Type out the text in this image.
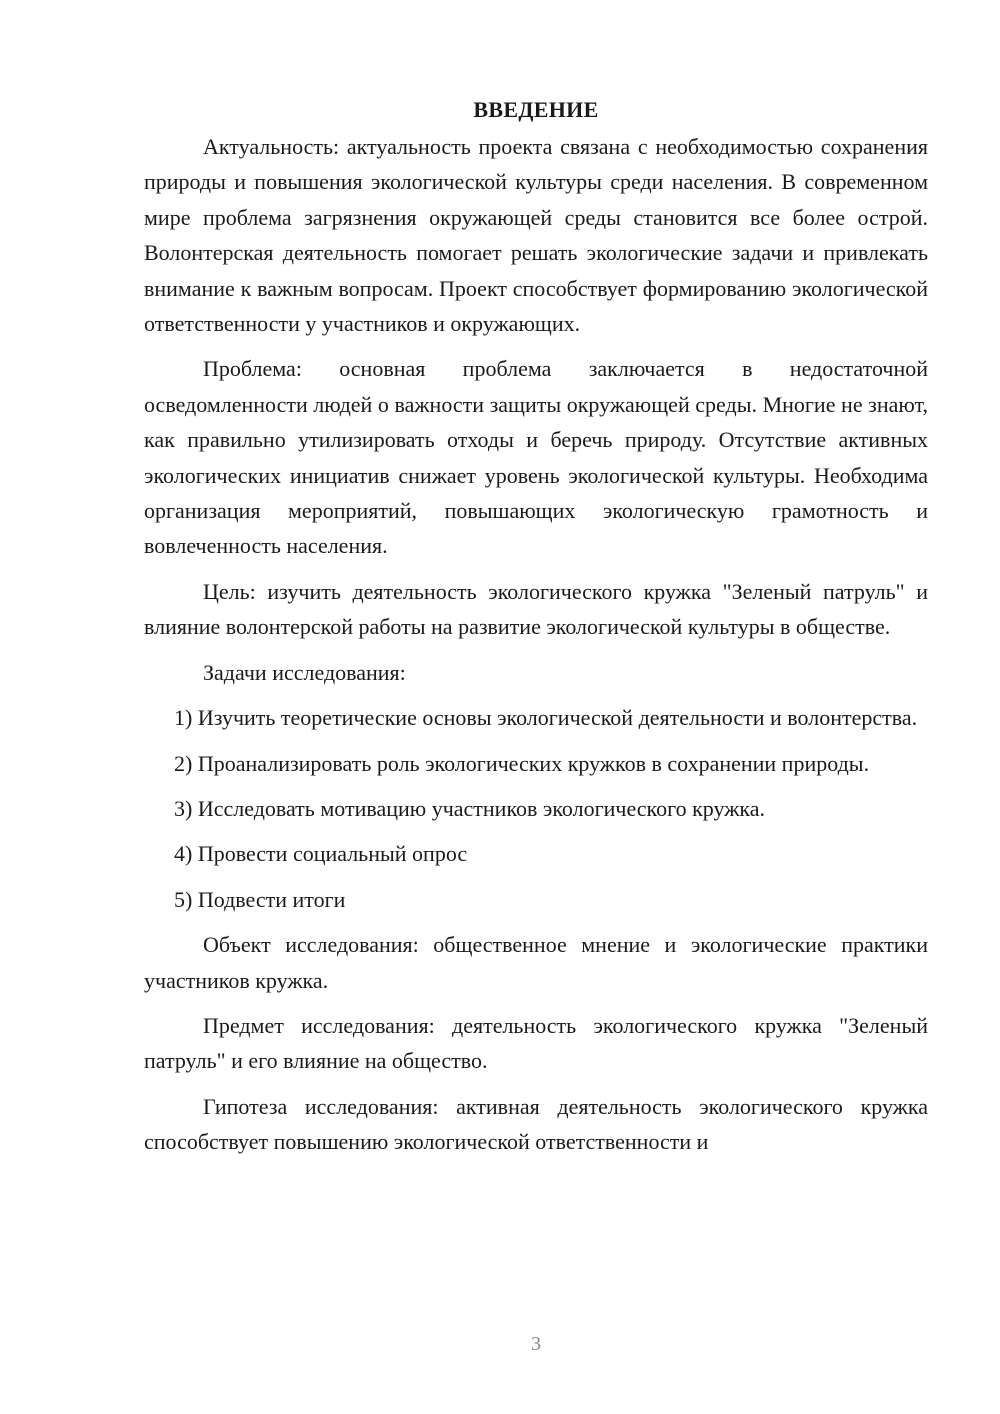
ВВЕДЕНИЕ

Актуальность: актуальность проекта связана с необходимостью сохранения природы и повышения экологической культуры среди населения. В современном мире проблема загрязнения окружающей среды становится все более острой. Волонтерская деятельность помогает решать экологические задачи и привлекать внимание к важным вопросам. Проект способствует формированию экологической ответственности у участников и окружающих.

Проблема: основная проблема заключается в недостаточной осведомленности людей о важности защиты окружающей среды. Многие не знают, как правильно утилизировать отходы и беречь природу. Отсутствие активных экологических инициатив снижает уровень экологической культуры. Необходима организация мероприятий, повышающих экологическую грамотность и вовлеченность населения.

Цель: изучить деятельность экологического кружка "Зеленый патруль" и влияние волонтерской работы на развитие экологической культуры в обществе.

Задачи исследования:

1) Изучить теоретические основы экологической деятельности и волонтерства.

2) Проанализировать роль экологических кружков в сохранении природы.

3) Исследовать мотивацию участников экологического кружка.

4) Провести социальный опрос

5) Подвести итоги

Объект исследования: общественное мнение и экологические практики участников кружка.

Предмет исследования: деятельность экологического кружка "Зеленый патруль" и его влияние на общество.

Гипотеза исследования: активная деятельность экологического кружка способствует повышению экологической ответственности и

3
